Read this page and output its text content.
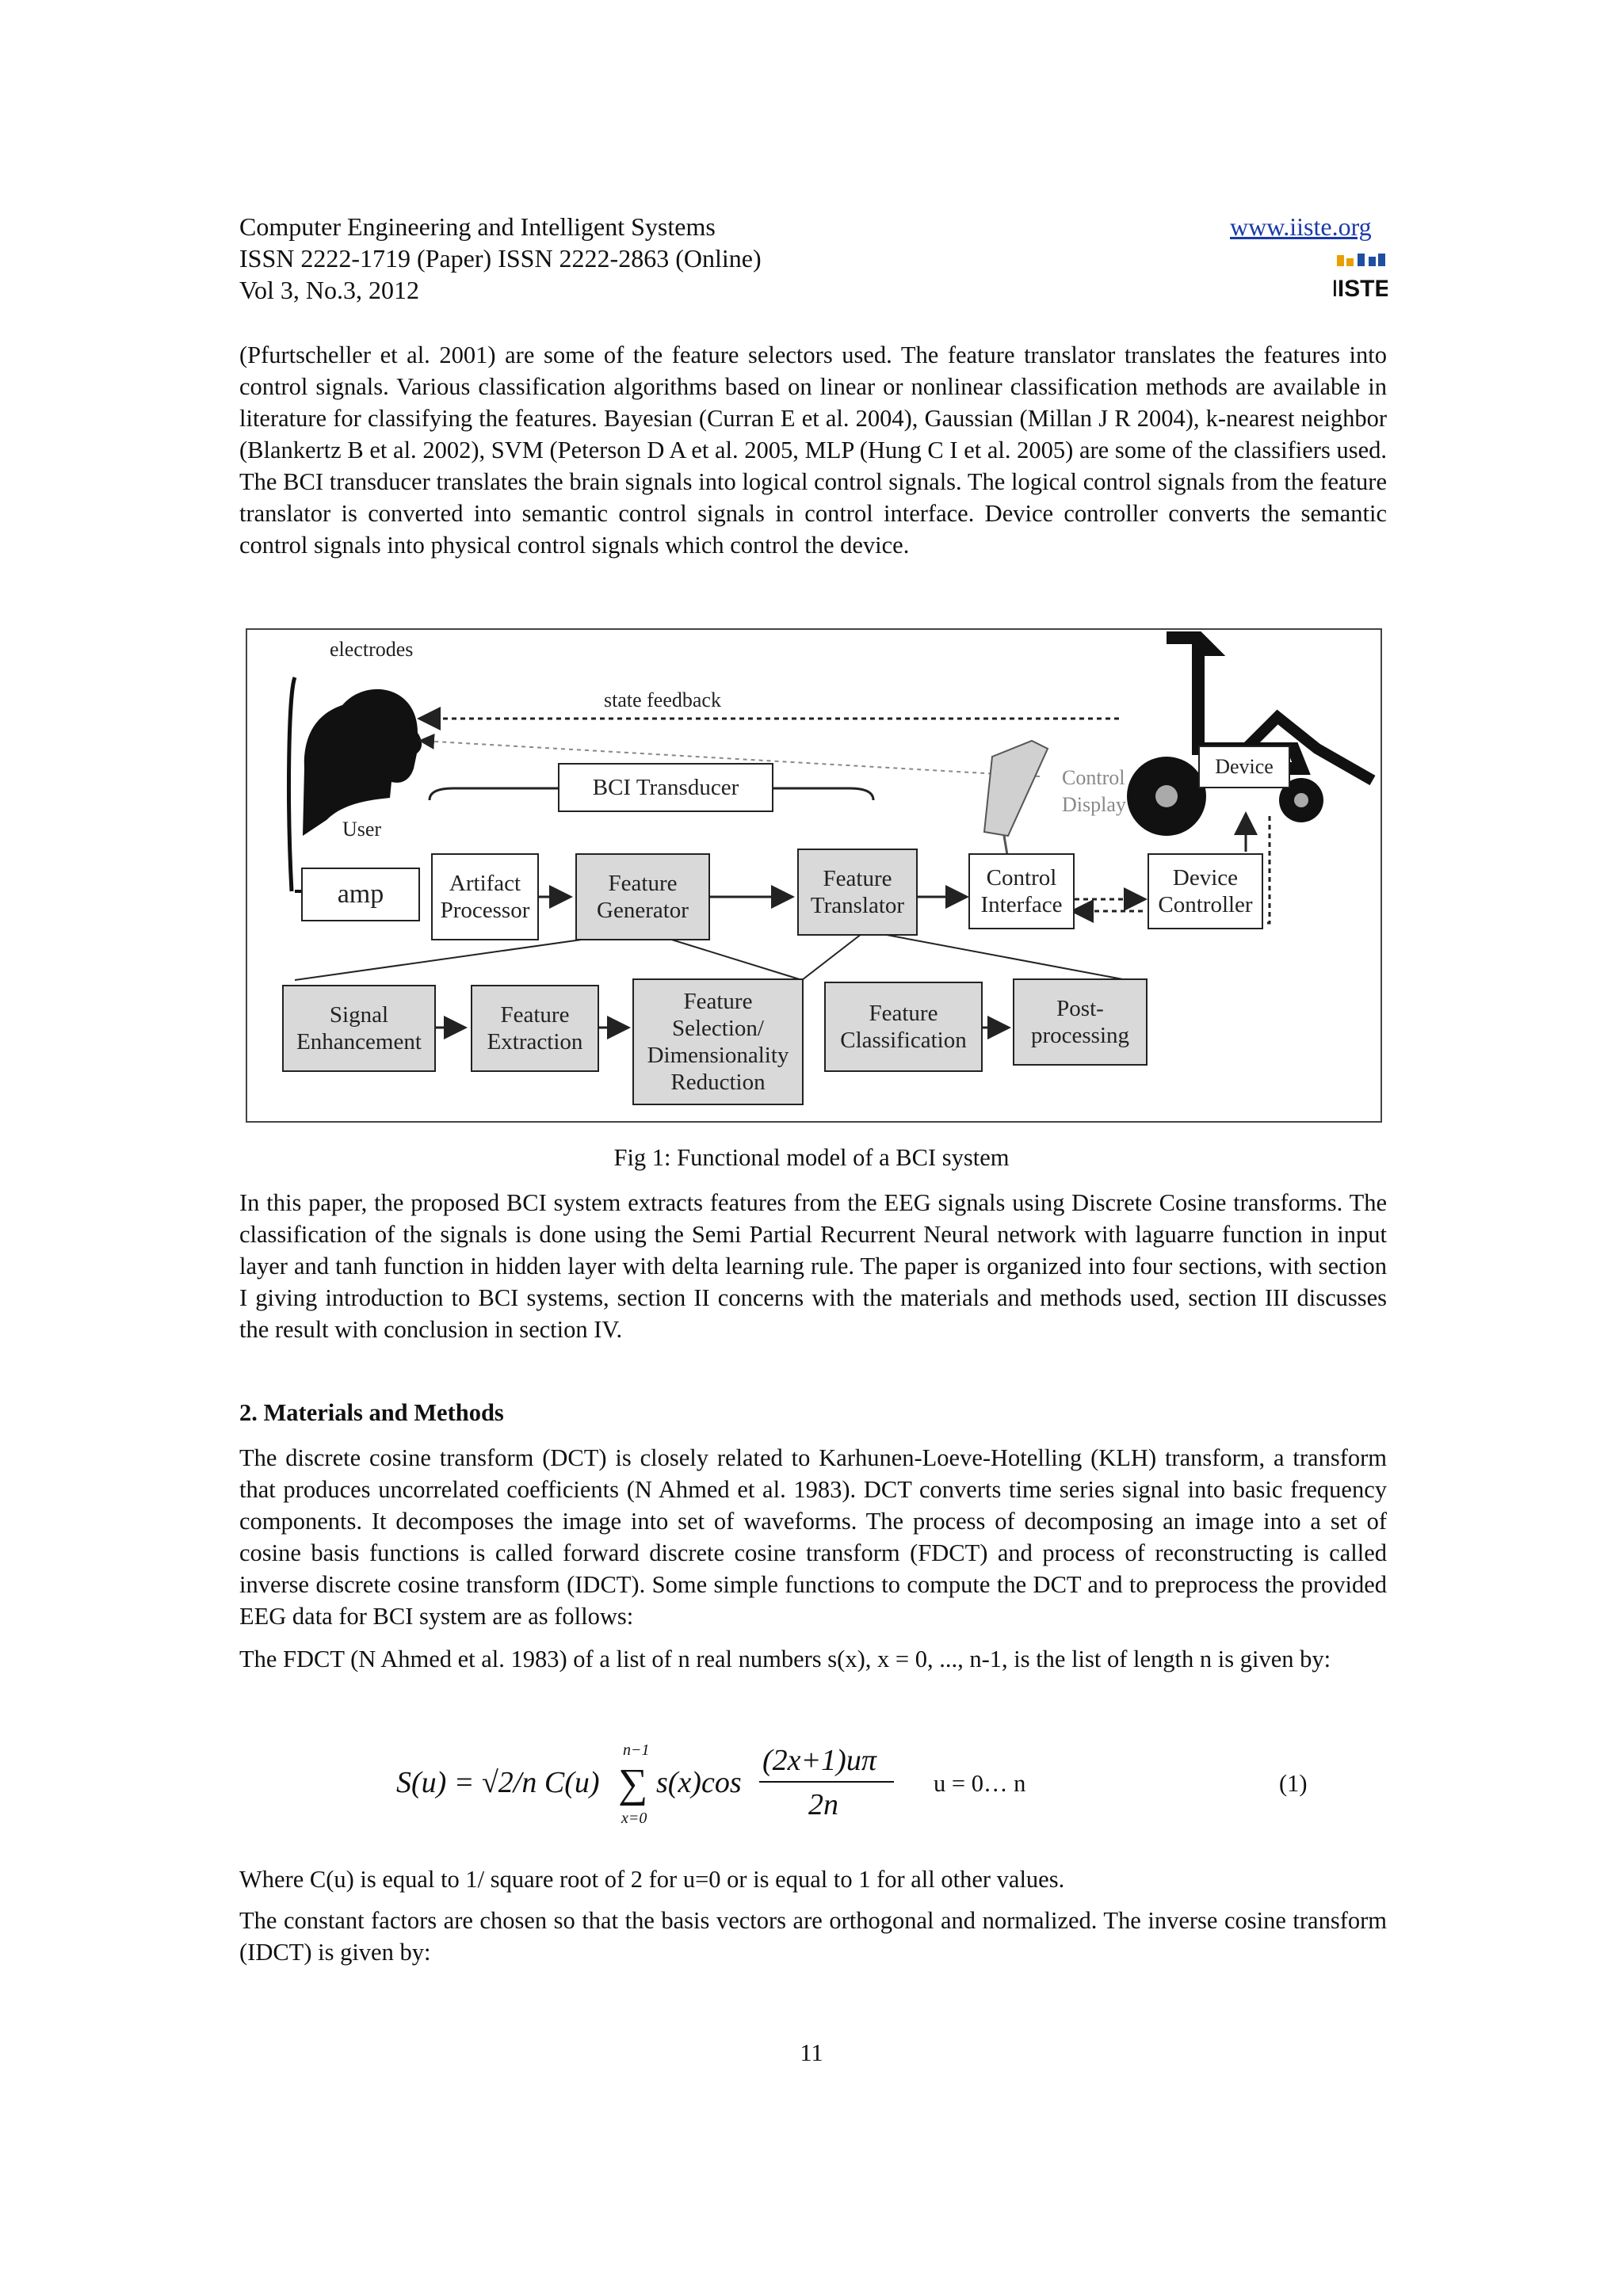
Computer Engineering and Intelligent Systems
ISSN 2222-1719 (Paper) ISSN 2222-2863 (Online)
Vol 3, No.3, 2012
www.iiste.org
IISTE

(Pfurtscheller et al. 2001) are some of the feature selectors used. The feature translator translates the features into control signals. Various classification algorithms based on linear or nonlinear classification methods are available in literature for classifying the features. Bayesian (Curran E et al. 2004), Gaussian (Millan J R 2004), k-nearest neighbor (Blankertz B et al. 2002), SVM (Peterson D A et al. 2005, MLP (Hung C I et al. 2005) are some of the classifiers used. The BCI transducer translates the brain signals into logical control signals. The logical control signals from the feature translator is converted into semantic control signals in control interface. Device controller converts the semantic control signals into physical control signals which control the device.

electrodes
state feedback
User
BCI Transducer
amp	Artifact
Processor
Feature
Generator
Feature
Translator
Control
Interface
Device
Controller
Control
Display
Device
Signal
Enhancement
Feature
Extraction
Feature
Selection/
Dimensionality
Reduction
Feature
Classification
Post-
processing
Fig 1: Functional model of a BCI system

In this paper, the proposed BCI system extracts features from the EEG signals using Discrete Cosine transforms. The classification of the signals is done using the Semi Partial Recurrent Neural network with laguarre function in input layer and tanh function in hidden layer with delta learning rule. The paper is organized into four sections, with section I giving introduction to BCI systems, section II concerns with the materials and methods used, section III discusses the result with conclusion in section IV.

2. Materials and Methods

The discrete cosine transform (DCT) is closely related to Karhunen-Loeve-Hotelling (KLH) transform, a transform that produces uncorrelated coefficients (N Ahmed et al. 1983). DCT converts time series signal into basic frequency components. It decomposes the image into set of waveforms. The process of decomposing an image into a set of cosine basis functions is called forward discrete cosine transform (FDCT) and process of reconstructing is called inverse discrete cosine transform (IDCT). Some simple functions to compute the DCT and to preprocess the provided EEG data for BCI system are as follows:

The FDCT (N Ahmed et al. 1983) of a list of n real numbers s(x), x = 0, ..., n-1, is the list of length n is given by:

S(u) = √2/n C(u)
n−1
∑
x=0
s(x)cos
(2x+1)uπ
2n
u = 0… n	(1)

Where C(u) is equal to 1/ square root of 2 for u=0 or is equal to 1 for all other values.

The constant factors are chosen so that the basis vectors are orthogonal and normalized. The inverse cosine transform (IDCT) is given by:

11
